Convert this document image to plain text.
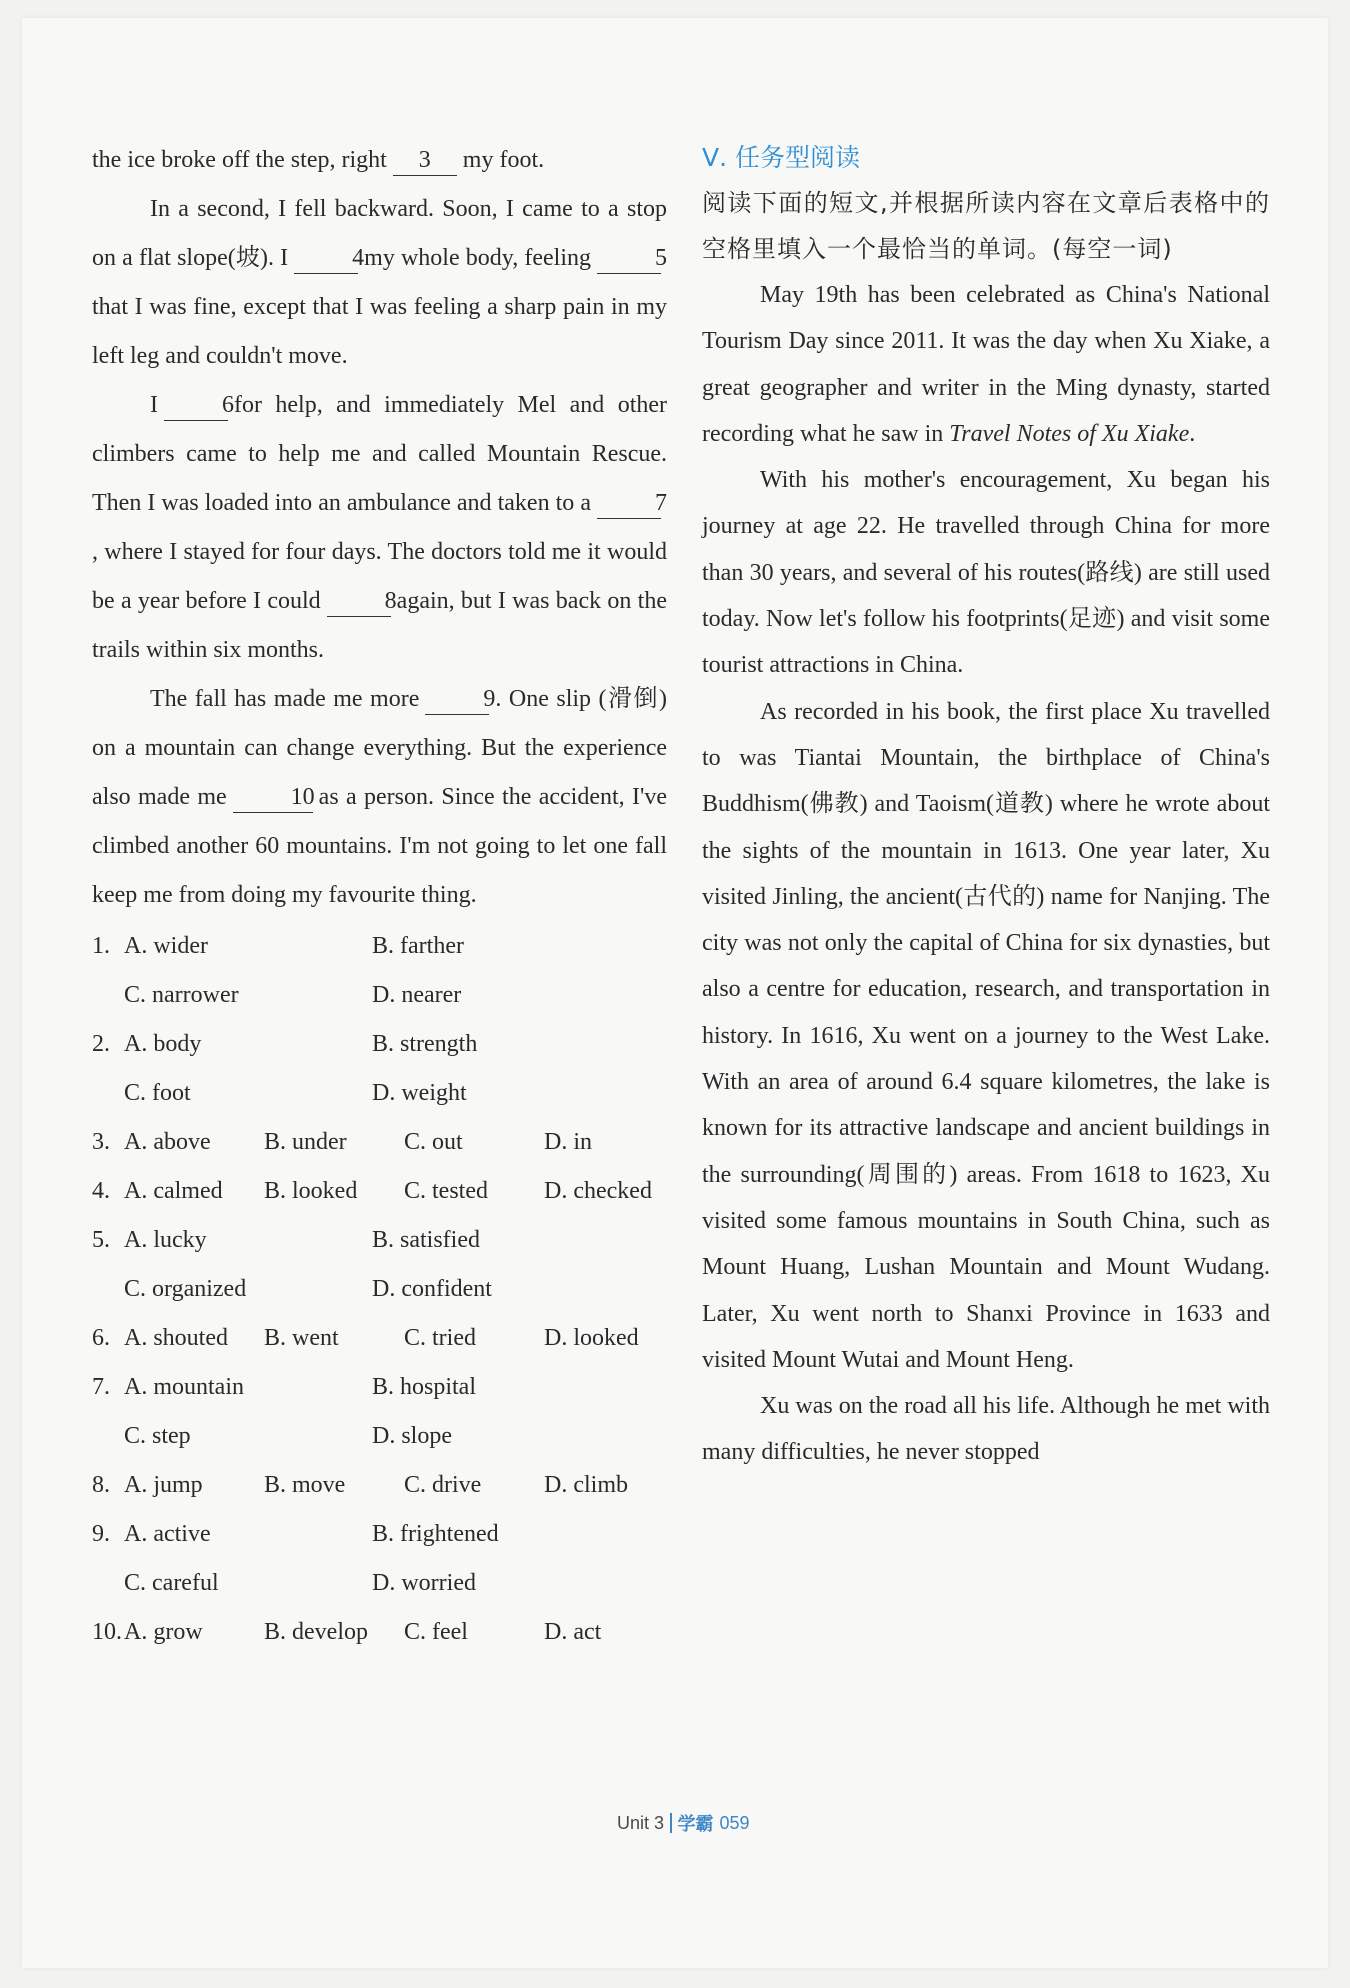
the ice broke off the step, right 3 my foot.

In a second, I fell backward. Soon, I came to a stop on a flat slope(坡). I	4my whole body, feeling	5that I was fine, except that I was feeling a sharp pain in my left leg and couldn't move.

I	6for help, and immediately Mel and other climbers came to help me and called Mountain Rescue. Then I was loaded into an ambulance and taken to a	7, where I stayed for four days. The doctors told me it would be a year before I could	8again, but I was back on the trails within six months.

The fall has made me more	9. One slip (滑倒) on a mountain can change everything. But the experience also made me	10 as a person. Since the accident, I've climbed another 60 mountains. I'm not going to let one fall keep me from doing my favourite thing.

1. A. wider	B. farther
C. narrower	D. nearer
2. A. body	B. strength
C. foot	D. weight
3. A. above	B. under	C. out	D. in
4. A. calmed	B. looked	C. tested	D. checked
5. A. lucky	B. satisfied
C. organized	D. confident
6. A. shouted	B. went	C. tried	D. looked
7. A. mountain	B. hospital
C. step	D. slope
8. A. jump	B. move	C. drive	D. climb
9. A. active	B. frightened
C. careful	D. worried
10. A. grow	B. develop	C. feel	D. act
Ⅴ. 任务型阅读

阅读下面的短文,并根据所读内容在文章后表格中的空格里填入一个最恰当的单词。(每空一词)

May 19th has been celebrated as China's National Tourism Day since 2011. It was the day when Xu Xiake, a great geographer and writer in the Ming dynasty, started recording what he saw in Travel Notes of Xu Xiake.

With his mother's encouragement, Xu began his journey at age 22. He travelled through China for more than 30 years, and several of his routes(路线) are still used today. Now let's follow his footprints(足迹) and visit some tourist attractions in China.

As recorded in his book, the first place Xu travelled to was Tiantai Mountain, the birthplace of China's Buddhism(佛教) and Taoism(道教) where he wrote about the sights of the mountain in 1613. One year later, Xu visited Jinling, the ancient(古代的) name for Nanjing. The city was not only the capital of China for six dynasties, but also a centre for education, research, and transportation in history. In 1616, Xu went on a journey to the West Lake. With an area of around 6.4 square kilometres, the lake is known for its attractive landscape and ancient buildings in the surrounding(周围的) areas. From 1618 to 1623, Xu visited some famous mountains in South China, such as Mount Huang, Lushan Mountain and Mount Wudang. Later, Xu went north to Shanxi Province in 1633 and visited Mount Wutai and Mount Heng.

Xu was on the road all his life. Although he met with many difficulties, he never stopped

Unit 3 学霸 059
